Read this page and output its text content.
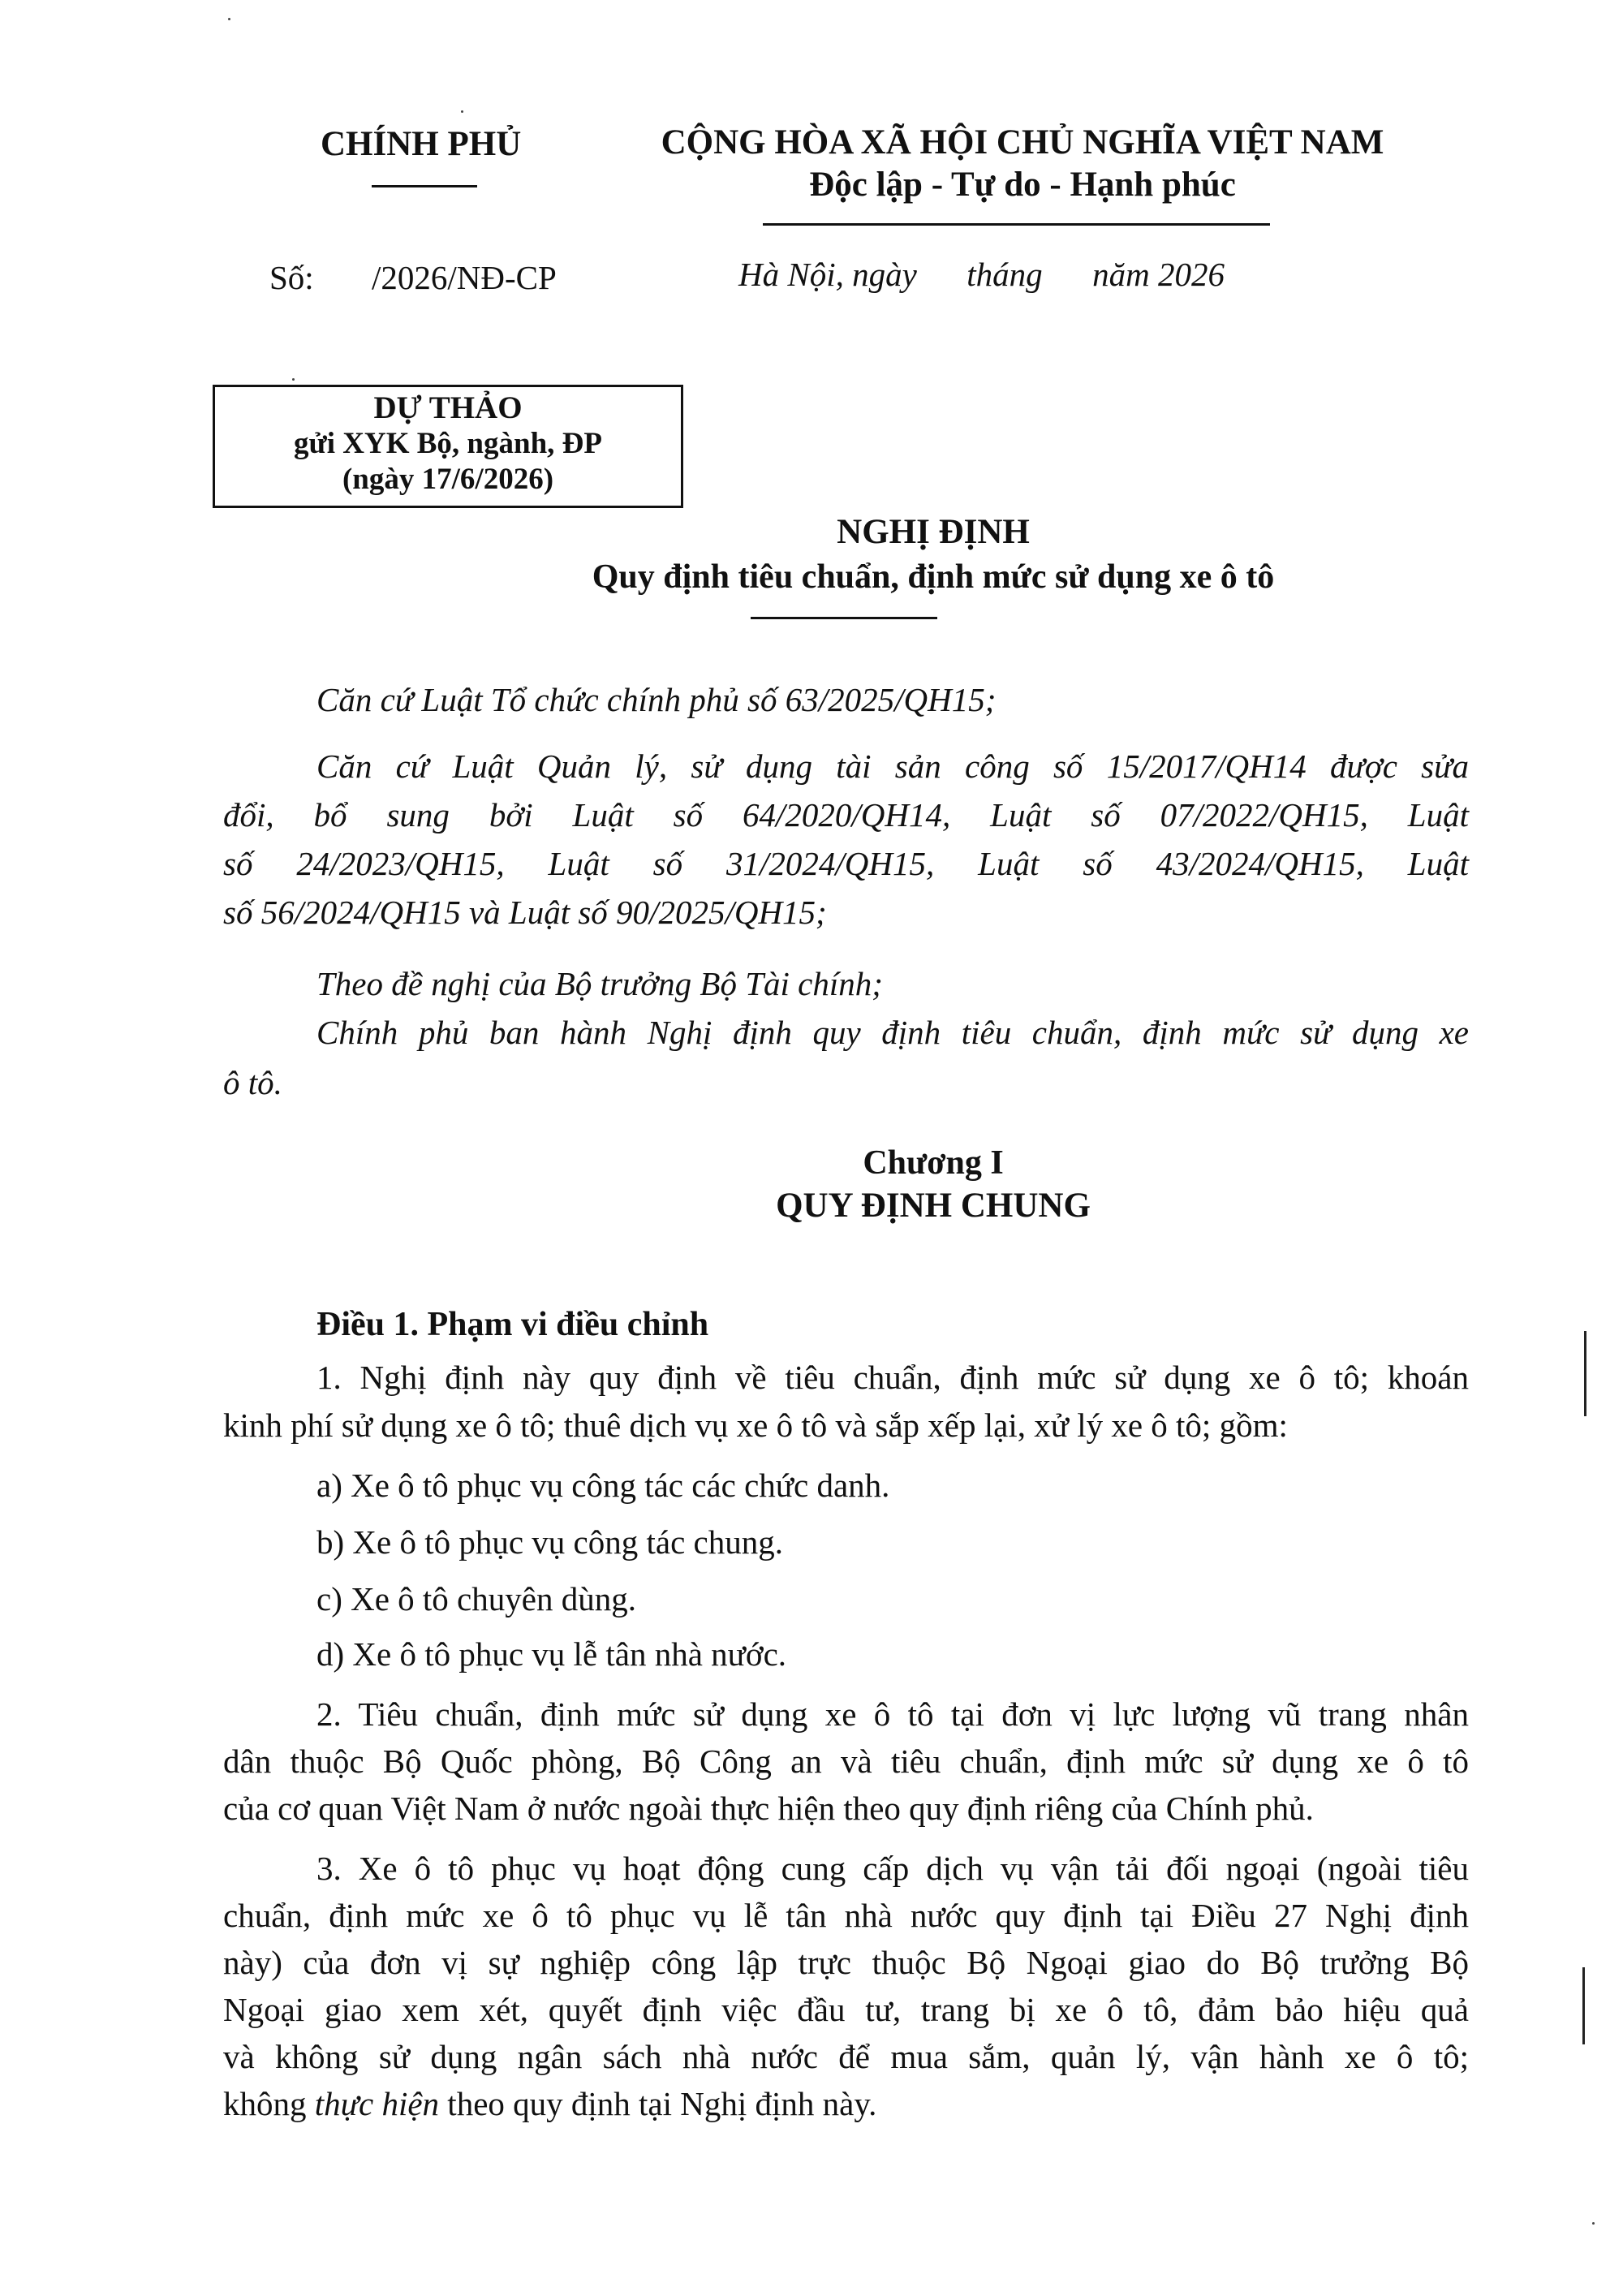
CHÍNH PHỦ	CỘNG HÒA XÃ HỘI CHỦ NGHĨA VIỆT NAM
Độc lập - Tự do - Hạnh phúc
Số: /2026/NĐ-CP	Hà Nội, ngày      tháng      năm 2026
DỰ THẢO
gửi XYK Bộ, ngành, ĐP
(ngày 17/6/2026)
NGHỊ ĐỊNH
Quy định tiêu chuẩn, định mức sử dụng xe ô tô
Căn cứ Luật Tổ chức chính phủ số 63/2025/QH15;
Căn cứ Luật Quản lý, sử dụng tài sản công số 15/2017/QH14 được sửa
đổi, bổ sung bởi Luật số 64/2020/QH14, Luật số 07/2022/QH15, Luật
số 24/2023/QH15, Luật số 31/2024/QH15, Luật số 43/2024/QH15, Luật
số 56/2024/QH15 và Luật số 90/2025/QH15;
Theo đề nghị của Bộ trưởng Bộ Tài chính;
Chính phủ ban hành Nghị định quy định tiêu chuẩn, định mức sử dụng xe
ô tô.
Chương I
QUY ĐỊNH CHUNG
Điều 1. Phạm vi điều chỉnh
1. Nghị định này quy định về tiêu chuẩn, định mức sử dụng xe ô tô; khoán
kinh phí sử dụng xe ô tô; thuê dịch vụ xe ô tô và sắp xếp lại, xử lý xe ô tô; gồm:
a) Xe ô tô phục vụ công tác các chức danh.
b) Xe ô tô phục vụ công tác chung.
c) Xe ô tô chuyên dùng.
d) Xe ô tô phục vụ lễ tân nhà nước.
2. Tiêu chuẩn, định mức sử dụng xe ô tô tại đơn vị lực lượng vũ trang nhân
dân thuộc Bộ Quốc phòng, Bộ Công an và tiêu chuẩn, định mức sử dụng xe ô tô
của cơ quan Việt Nam ở nước ngoài thực hiện theo quy định riêng của Chính phủ.
3. Xe ô tô phục vụ hoạt động cung cấp dịch vụ vận tải đối ngoại (ngoài tiêu
chuẩn, định mức xe ô tô phục vụ lễ tân nhà nước quy định tại Điều 27 Nghị định
này) của đơn vị sự nghiệp công lập trực thuộc Bộ Ngoại giao do Bộ trưởng Bộ
Ngoại giao xem xét, quyết định việc đầu tư, trang bị xe ô tô, đảm bảo hiệu quả
và không sử dụng ngân sách nhà nước để mua sắm, quản lý, vận hành xe ô tô;
không thực hiện theo quy định tại Nghị định này.
